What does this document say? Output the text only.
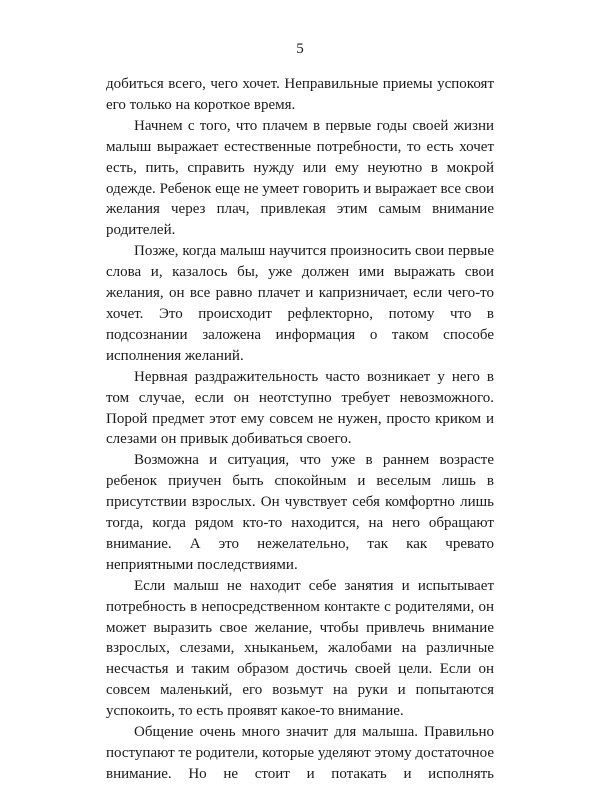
5

добиться всего, чего хочет. Неправильные приемы успокоят его только на короткое время.

Начнем с того, что плачем в первые годы своей жизни малыш выражает естественные потребности, то есть хочет есть, пить, справить нужду или ему неуютно в мокрой одежде. Ребенок еще не умеет говорить и выражает все свои желания через плач, привлекая этим самым внимание родителей.

Позже, когда малыш научится произносить свои первые слова и, казалось бы, уже должен ими выражать свои желания, он все равно плачет и капризничает, если чего-то хочет. Это происходит рефлекторно, потому что в подсознании заложена информация о таком способе исполнения желаний.

Нервная раздражительность часто возникает у него в том случае, если он неотступно требует невозможного. Порой предмет этот ему совсем не нужен, просто криком и слезами он привык добиваться своего.

Возможна и ситуация, что уже в раннем возрасте ребенок приучен быть спокойным и веселым лишь в присутствии взрослых. Он чувствует себя комфортно лишь тогда, когда рядом кто-то находится, на него обращают внимание. А это нежелательно, так как чревато неприятными последствиями.

Если малыш не находит себе занятия и испытывает потребность в непосредственном контакте с родителями, он может выразить свое желание, чтобы привлечь внимание взрослых, слезами, хныканьем, жалобами на различные несчастья и таким образом достичь своей цели. Если он совсем маленький, его возьмут на руки и попытаются успокоить, то есть проявят какое-то внимание.

Общение очень много значит для малыша. Правильно поступают те родители, которые уделяют этому достаточное внимание. Но не стоит и потакать и исполнять
